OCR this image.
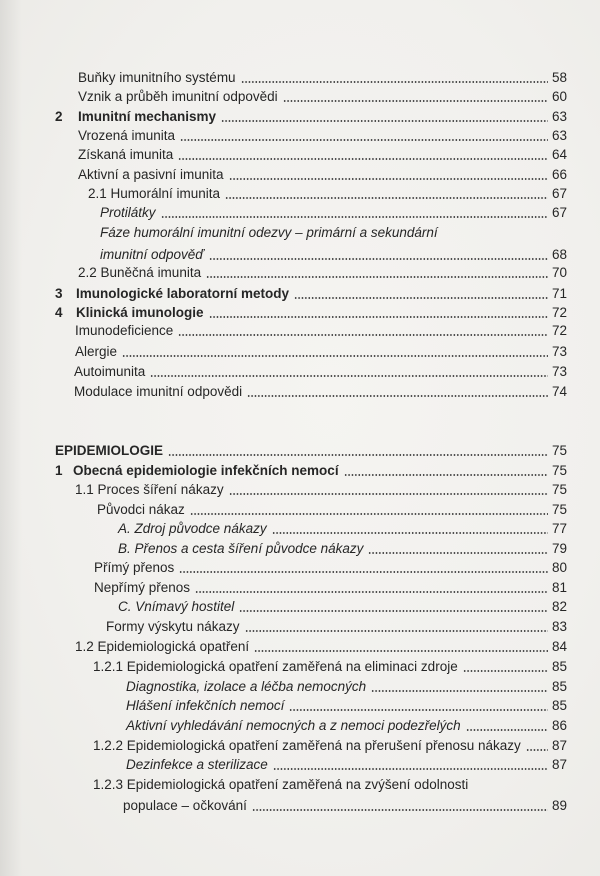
Buňky imunitního systému	58
Vznik a průběh imunitní odpovědi	60
2	Imunitní mechanismy	63
Vrozená imunita	63
Získaná imunita	64
Aktivní a pasivní imunita	66
2.1 Humorální imunita	67
Protilátky	67
Fáze humorální imunitní odezvy – primární a sekundární
imunitní odpověď	68
2.2 Buněčná imunita	70
3 Imunologické laboratorní metody	71
4 Klinická imunologie	72
Imunodeficience	72
Alergie	73
Autoimunita	73
Modulace imunitní odpovědi	74
EPIDEMIOLOGIE	75
1 Obecná epidemiologie infekčních nemocí	75
1.1 Proces šíření nákazy	75
Původci nákaz	75
A. Zdroj původce nákazy	77
B. Přenos a cesta šíření původce nákazy	79
Přímý přenos	80
Nepřímý přenos	81
C. Vnímavý hostitel	82
Formy výskytu nákazy	83
1.2 Epidemiologická opatření	84
1.2.1 Epidemiologická opatření zaměřená na eliminaci zdroje	85
Diagnostika, izolace a léčba nemocných	85
Hlášení infekčních nemocí	85
Aktivní vyhledávání nemocných a z nemoci podezřelých	86
1.2.2 Epidemiologická opatření zaměřená na přerušení přenosu nákazy 87
Dezinfekce a sterilizace	87
1.2.3 Epidemiologická opatření zaměřená na zvýšení odolnosti
populace – očkování	89
